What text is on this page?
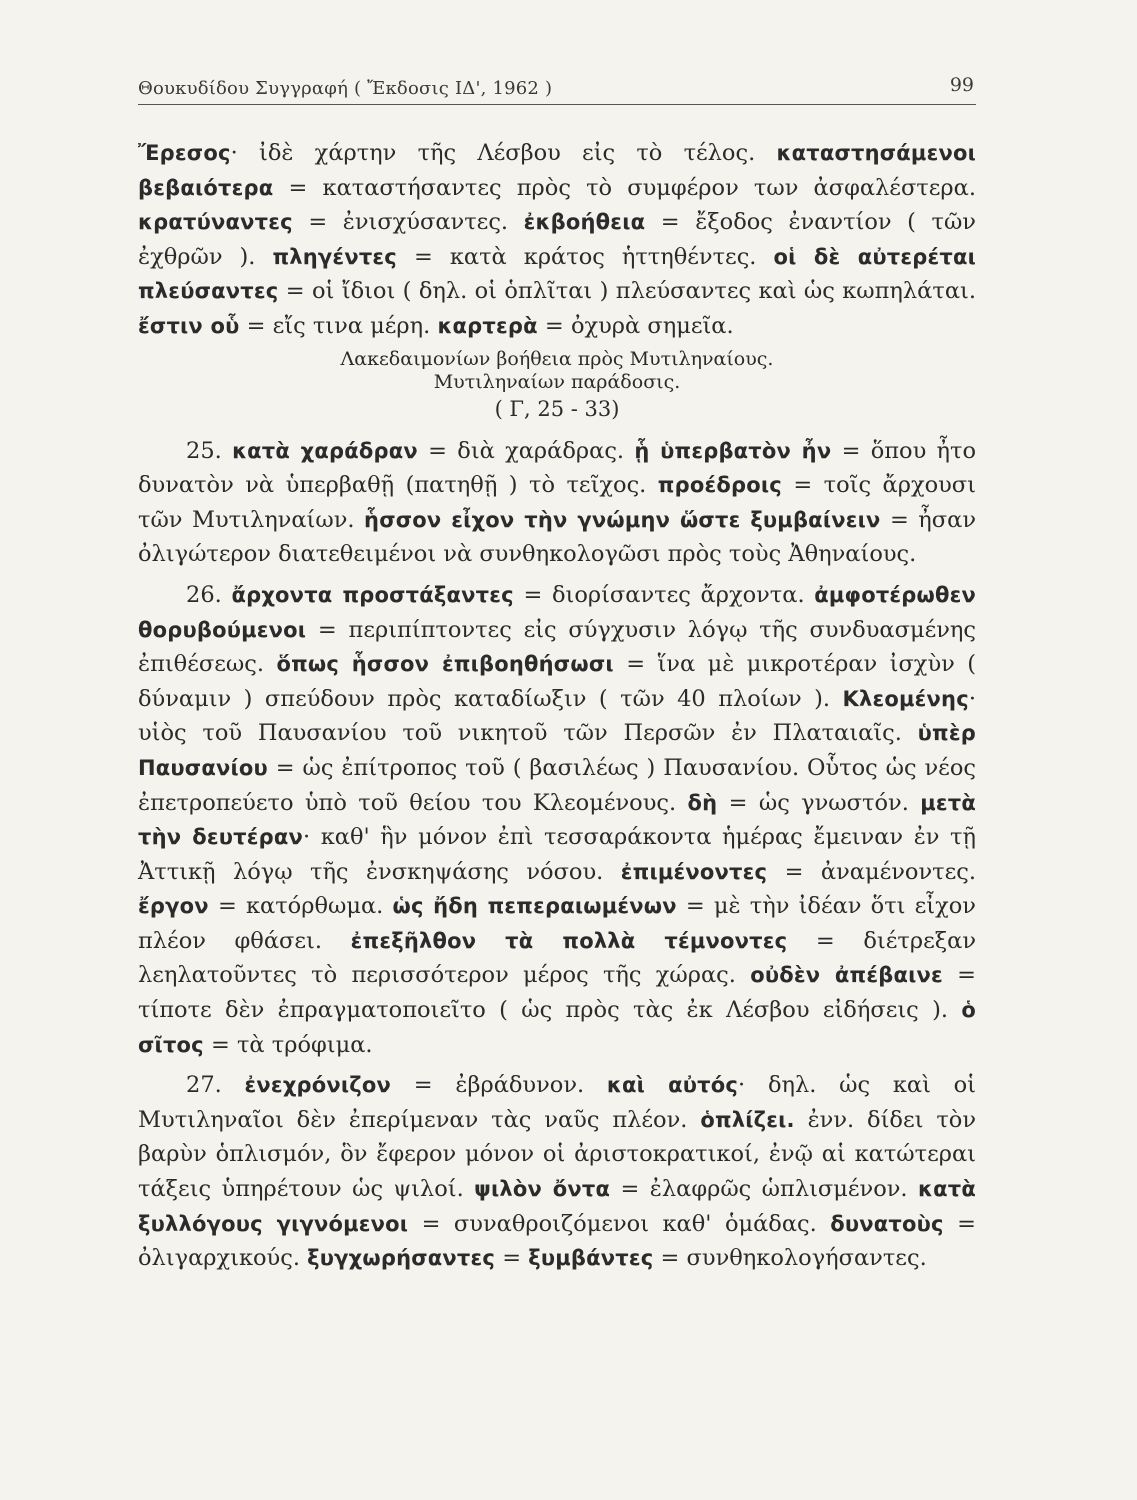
Θουκυδίδου Συγγραφή ( Ἔκδοσις ΙΔ', 1962 )	99

Ἔρεσος· ἰδὲ χάρτην τῆς Λέσβου εἰς τὸ τέλος. καταστησάμενοι βεβαιότερα = καταστήσαντες πρὸς τὸ συμφέρον των ἀσφαλέστερα. κρατύναντες = ἐνισχύσαντες. ἐκβοήθεια = ἔξοδος ἐναντίον ( τῶν ἐχθρῶν ). πληγέντες = κατὰ κράτος ἡττηθέντες. οἱ δὲ αὐτερέται πλεύσαντες = οἱ ἴδιοι ( δηλ. οἱ ὁπλῖται ) πλεύσαντες καὶ ὡς κωπηλάται. ἔστιν οὗ = εἴς τινα μέρη. καρτερὰ = ὀχυρὰ σημεῖα.

Λακεδαιμονίων βοήθεια πρὸς Μυτιληναίους.
Μυτιληναίων παράδοσις.
( Γ, 25 - 33)

25. κατὰ χαράδραν = διὰ χαράδρας. ᾗ ὑπερβατὸν ἦν = ὅπου ἦτο δυνατὸν νὰ ὑπερβαθῇ (πατηθῇ ) τὸ τεῖχος. προέδροις = τοῖς ἄρχουσι τῶν Μυτιληναίων. ἧσσον εἶχον τὴν γνώμην ὥστε ξυμβαίνειν = ἦσαν ὀλιγώτερον διατεθειμένοι νὰ συνθηκολογῶσι πρὸς τοὺς Ἀθηναίους.

26. ἄρχοντα προστάξαντες = διορίσαντες ἄρχοντα. ἀμφοτέρωθεν θορυβούμενοι = περιπίπτοντες εἰς σύγχυσιν λόγῳ τῆς συνδυασμένης ἐπιθέσεως. ὅπως ἧσσον ἐπιβοηθήσωσι = ἵνα μὲ μικροτέραν ἰσχὺν ( δύναμιν ) σπεύδουν πρὸς καταδίωξιν ( τῶν 40 πλοίων ). Κλεομένης· υἱὸς τοῦ Παυσανίου τοῦ νικητοῦ τῶν Περσῶν ἐν Πλαταιαῖς. ὑπὲρ Παυσανίου = ὡς ἐπίτροπος τοῦ ( βασιλέως ) Παυσανίου. Οὗτος ὡς νέος ἐπετροπεύετο ὑπὸ τοῦ θείου του Κλεομένους. δὴ = ὡς γνωστόν. μετὰ τὴν δευτέραν· καθ' ἣν μόνον ἐπὶ τεσσαράκοντα ἡμέρας ἔμειναν ἐν τῇ Ἀττικῇ λόγῳ τῆς ἐνσκηψάσης νόσου. ἐπιμένοντες = ἀναμένοντες. ἔργον = κατόρθωμα. ὡς ἤδη πεπεραιωμένων = μὲ τὴν ἰδέαν ὅτι εἶχον πλέον φθάσει. ἐπεξῆλθον τὰ πολλὰ τέμνοντες = διέτρεξαν λεηλατοῦντες τὸ περισσότερον μέρος τῆς χώρας. οὐδὲν ἀπέβαινε = τίποτε δὲν ἐπραγματοποιεῖτο ( ὡς πρὸς τὰς ἐκ Λέσβου εἰδήσεις ). ὁ σῖτος = τὰ τρόφιμα.

27. ἐνεχρόνιζον = ἐβράδυνον. καὶ αὐτός· δηλ. ὡς καὶ οἱ Μυτιληναῖοι δὲν ἐπερίμεναν τὰς ναῦς πλέον. ὁπλίζει. ἐνν. δίδει τὸν βαρὺν ὁπλισμόν, ὃν ἔφερον μόνον οἱ ἀριστοκρατικοί, ἐνῷ αἱ κατώτεραι τάξεις ὑπηρέτουν ὡς ψιλοί. ψιλὸν ὄντα = ἐλαφρῶς ὡπλισμένον. κατὰ ξυλλόγους γιγνόμενοι = συναθροιζόμενοι καθ' ὁμάδας. δυνατοὺς = ὀλιγαρχικούς. ξυγχωρήσαντες = ξυμβάντες = συνθηκολογήσαντες.
